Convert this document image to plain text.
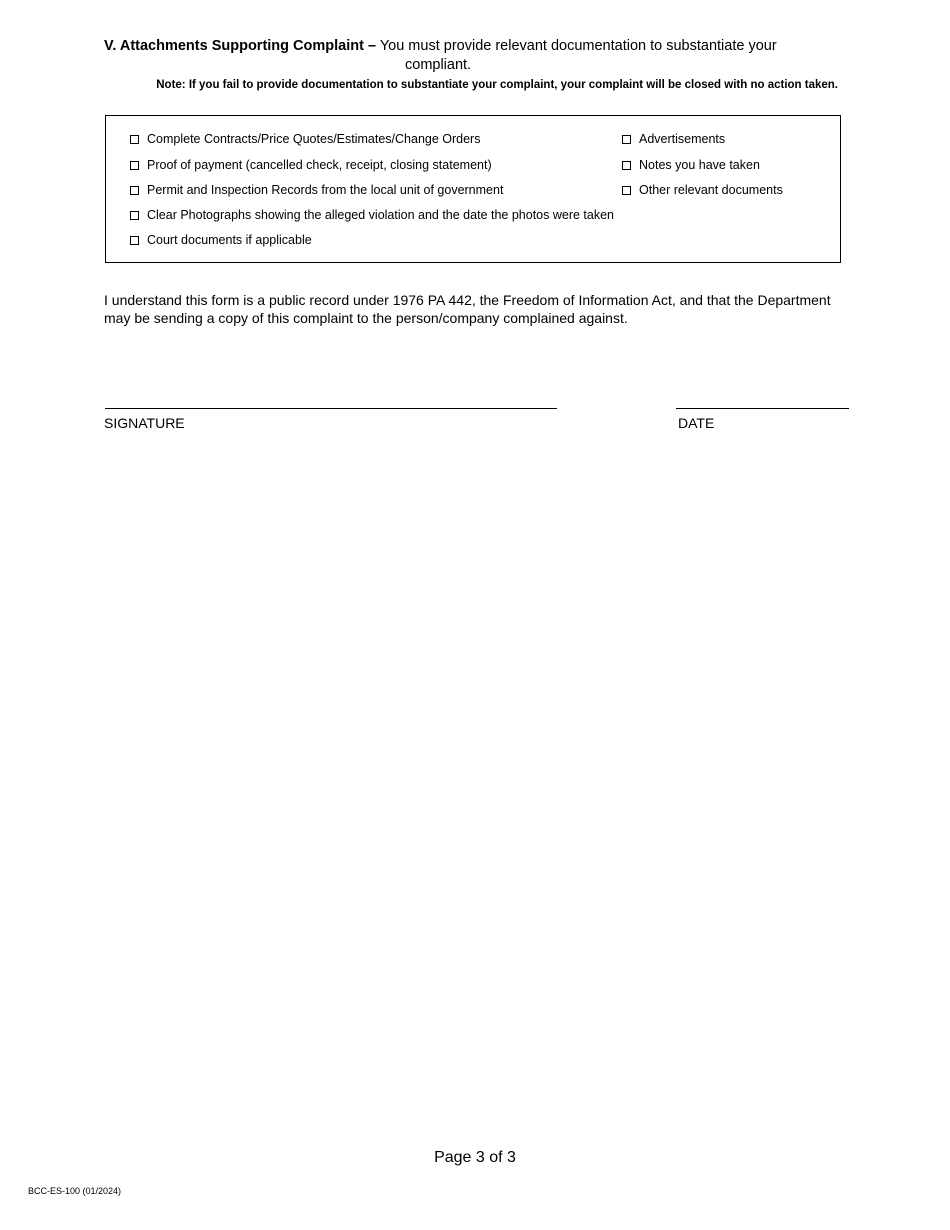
V. Attachments Supporting Complaint – You must provide relevant documentation to substantiate your
compliant.
Note: If you fail to provide documentation to substantiate your complaint, your complaint will be closed with no action taken.
Complete Contracts/Price Quotes/Estimates/Change Orders
Proof of payment (cancelled check, receipt, closing statement)
Permit and Inspection Records from the local unit of government
Clear Photographs showing the alleged violation and the date the photos were taken
Court documents if applicable
Advertisements
Notes you have taken
Other relevant documents
I understand this form is a public record under 1976 PA 442, the Freedom of Information Act, and that the Department may be sending a copy of this complaint to the person/company complained against.
SIGNATURE	DATE
Page 3 of 3
BCC-ES-100 (01/2024)
